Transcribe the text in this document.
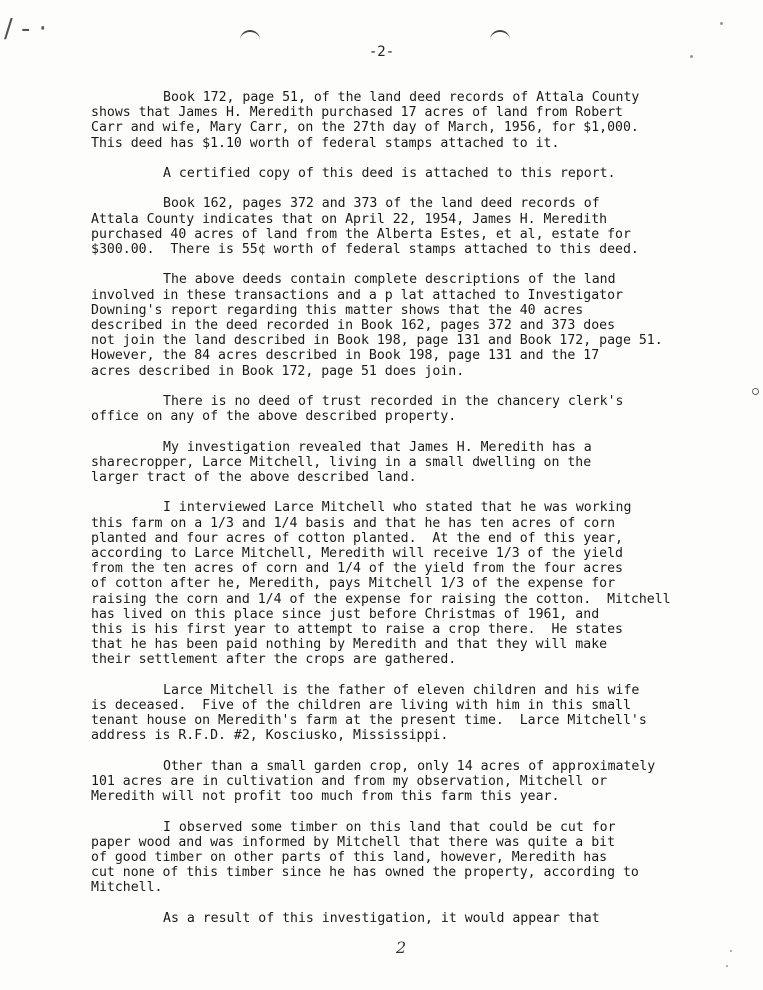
/ - ·
-2-
Book 172, page 51, of the land deed records of Attala County
shows that James H. Meredith purchased 17 acres of land from Robert
Carr and wife, Mary Carr, on the 27th day of March, 1956, for $1,000.
This deed has $1.10 worth of federal stamps attached to it.
A certified copy of this deed is attached to this report.
Book 162, pages 372 and 373 of the land deed records of
Attala County indicates that on April 22, 1954, James H. Meredith
purchased 40 acres of land from the Alberta Estes, et al, estate for
$300.00.  There is 55¢ worth of federal stamps attached to this deed.
The above deeds contain complete descriptions of the land
involved in these transactions and a p lat attached to Investigator
Downing's report regarding this matter shows that the 40 acres
described in the deed recorded in Book 162, pages 372 and 373 does
not join the land described in Book 198, page 131 and Book 172, page 51.
However, the 84 acres described in Book 198, page 131 and the 17
acres described in Book 172, page 51 does join.
There is no deed of trust recorded in the chancery clerk's
office on any of the above described property.
My investigation revealed that James H. Meredith has a
sharecropper, Larce Mitchell, living in a small dwelling on the
larger tract of the above described land.
I interviewed Larce Mitchell who stated that he was working
this farm on a 1/3 and 1/4 basis and that he has ten acres of corn
planted and four acres of cotton planted.  At the end of this year,
according to Larce Mitchell, Meredith will receive 1/3 of the yield
from the ten acres of corn and 1/4 of the yield from the four acres
of cotton after he, Meredith, pays Mitchell 1/3 of the expense for
raising the corn and 1/4 of the expense for raising the cotton.  Mitchell
has lived on this place since just before Christmas of 1961, and
this is his first year to attempt to raise a crop there.  He states
that he has been paid nothing by Meredith and that they will make
their settlement after the crops are gathered.
Larce Mitchell is the father of eleven children and his wife
is deceased.  Five of the children are living with him in this small
tenant house on Meredith's farm at the present time.  Larce Mitchell's
address is R.F.D. #2, Kosciusko, Mississippi.
Other than a small garden crop, only 14 acres of approximately
101 acres are in cultivation and from my observation, Mitchell or
Meredith will not profit too much from this farm this year.
I observed some timber on this land that could be cut for
paper wood and was informed by Mitchell that there was quite a bit
of good timber on other parts of this land, however, Meredith has
cut none of this timber since he has owned the property, according to
Mitchell.
As a result of this investigation, it would appear that
2
